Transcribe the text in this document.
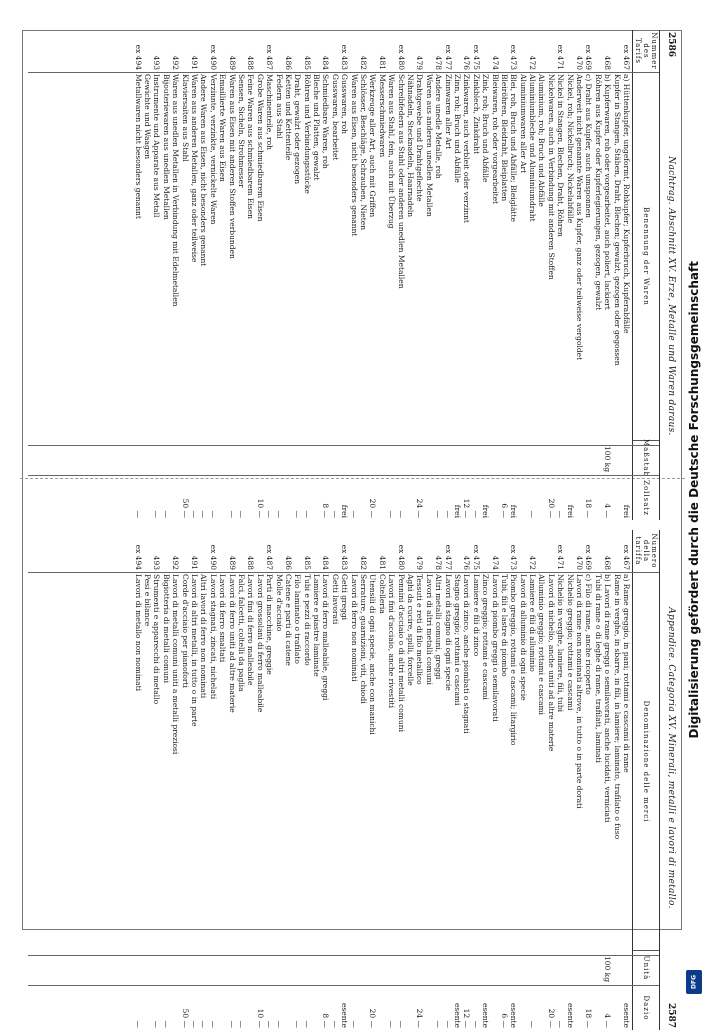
2586
Nachtrag. Abschnitt XV. Erze, Metalle und Waren daraus.
Nummer des Tarifs
Benennung der Waren
Maßstab
Zollsatz
ex 467
a) Hüttenkupfer, ungeformt, Rohkupfer; Kupferbruch, Kupferabfälle
frei
Kupfer in Stangen, Stäben, Draht, Blechen; gewalzt, gezogen oder gegossen
468
b) Kupferwaren, roh oder vorgearbeitet, auch poliert, lackiert
100 kg
4 —
Röhren aus Kupfer oder Kupferlegierungen, gezogen, gewalzt
ex 469
c) Draht aus Kupfer, auch umsponnen
18 —
470
Anderweit nicht genannte Waren aus Kupfer, ganz oder teilweise vergoldet
Nickel, roh; Nickelbruch; Nickelabfälle
frei
ex 471
Nickel in Stangen, Blechen, Draht, Röhren
—
Nickelwaren, auch in Verbindung mit anderen Stoffen
20 —
Aluminium, roh; Bruch und Abfälle
472
Aluminiumbleche und Aluminiumdraht
—
Aluminiumwaren aller Art
ex 473
Blei, roh, Bruch und Abfälle; Bleiglätte
frei
Bleiröhren, Bleidraht, Bleiplatten
6 —
474
Bleiwaren, roh oder vorgearbeitet
Zink, roh; Bruch und Abfälle
frei
ex 475
Zinkblech, Zinkdraht
—
476
Zinkwaren, auch verbleit oder verzinnt
12 —
Zinn, roh; Bruch und Abfälle
frei
ex 477
Zinnwaren aller Art
—
478
Andere unedle Metalle, roh
—
Waren aus anderen unedlen Metallen
479
Drahtgewebe und Drahtgeflechte
24 —
Nähnadeln, Stecknadeln, Haarnadeln
ex 480
Schreibfedern aus Stahl oder anderen unedlen Metallen
—
Waren aus Stahl, fein, auch mit Überzug
—
481
Messerschmiedwaren
Werkzeuge aller Art, auch mit Griffen
20 —
482
Schlösser, Beschläge, Schrauben, Nieten
Waren aus Eisen, nicht besonders genannt
—
ex 483
Gusswaren, roh
frei
Gusswaren, bearbeitet
—
484
Schmiedbare Waren, roh
8 —
Bleche und Platten, gewalzt
485
Röhren und Verbindungsstücke
—
Draht, gewalzt oder gezogen
—
486
Ketten und Kettenteile
Federn aus Stahl
—
ex 487
Maschinenteile, roh
—
Grobe Waren aus schmiedbarem Eisen
10 —
488
Feine Waren aus schmiedbarem Eisen
Sensen, Sicheln, Strohmesser
—
489
Waren aus Eisen mit anderen Stoffen verbunden
—
Emaillierte Waren aus Eisen
ex 490
Verzinnte, verzinkte, vernickelte Waren
—
Andere Waren aus Eisen, nicht besonders genannt
—
491
Waren aus anderen Metallen, ganz oder teilweise
—
Klaviersaiten aus Stahl
50 —
492
Waren aus unedlen Metallen in Verbindung mit Edelmetallen
Bijouteriewaren aus unedlen Metallen
—
493
Instrumente und Apparate aus Metall
—
Gewichte und Waagen
ex 494
Metallwaren nicht besonders genannt
—
Appendice. Categoria XV. Minerali, metalli e lavori di metallo.
2587
Numero della tariffa
Denominazione delle merci
Unità
Dazio
ex 467
a) Rame greggio, in pani; rottami e cascami di rame
esente
Rame in verghe, in sbarre, in fili, in lamiere; laminato, trafilato o fuso
468
b) Lavori di rame greggi o semilavorati, anche lucidati, verniciati
100 kg
4 —
Tubi di rame o di leghe di rame, trafilati, laminati
ex 469
c) Filo di rame, anche ricoperto
18 —
470
Lavori di rame non nominati altrove, in tutto o in parte dorati
Nichelio greggio; rottami e cascami
esente
ex 471
Nichelio in verghe, lamiere, fili, tubi
—
Lavori di nichelio, anche uniti ad altre materie
20 —
Alluminio greggio; rottami e cascami
472
Lamiere e fili di alluminio
—
Lavori di alluminio di ogni specie
ex 473
Piombo greggio, rottami e cascami; litargirio
esente
Tubi, fili e lastre di piombo
6 —
474
Lavori di piombo greggi o semilavorati
Zinco greggio; rottami e cascami
esente
ex 475
Lamiere e fili di zinco
—
476
Lavori di zinco, anche piombati o stagnati
12 —
Stagno greggio; rottami e cascami
esente
ex 477
Lavori di stagno di ogni specie
—
478
Altri metalli comuni, greggi
—
Lavori di altri metalli comuni
479
Tessuti e reti di filo metallico
24 —
Aghi da cucire, spilli, forcelle
ex 480
Pennini d'acciaio o di altri metalli comuni
—
Lavori fini d'acciaio, anche rivestiti
—
481
Coltelleria
Utensili di ogni specie, anche con manichi
20 —
482
Serrature, guarnizioni, viti, chiodi
Lavori di ferro non nominati
—
ex 483
Getti greggi
esente
Getti lavorati
—
484
Lavori di ferro malleabile, greggi
8 —
Lamiere e piastre laminate
485
Tubi e pezzi di raccordo
—
Filo laminato o trafilato
—
486
Catene e parti di catene
Molle d'acciaio
—
ex 487
Parti di macchine, greggie
—
Lavori grossolani di ferro malleabile
10 —
488
Lavori fini di ferro malleabile
Falci, falcetti, coltelli da paglia
—
489
Lavori di ferro uniti ad altre materie
—
Lavori di ferro smaltati
ex 490
Lavori stagnati, zincati, nichelati
—
Altri lavori di ferro non nominati
—
491
Lavori di altri metalli, in tutto o in parte
—
Corde d'acciaio per pianoforti
50 —
492
Lavori di metalli comuni uniti a metalli preziosi
Bigiotteria di metalli comuni
—
493
Strumenti e apparecchi di metallo
—
Pesi e bilance
ex 494
Lavori di metallo non nominati
—
Digitalisierung gefördert durch die Deutsche Forschungsgemeinschaft
DFG
